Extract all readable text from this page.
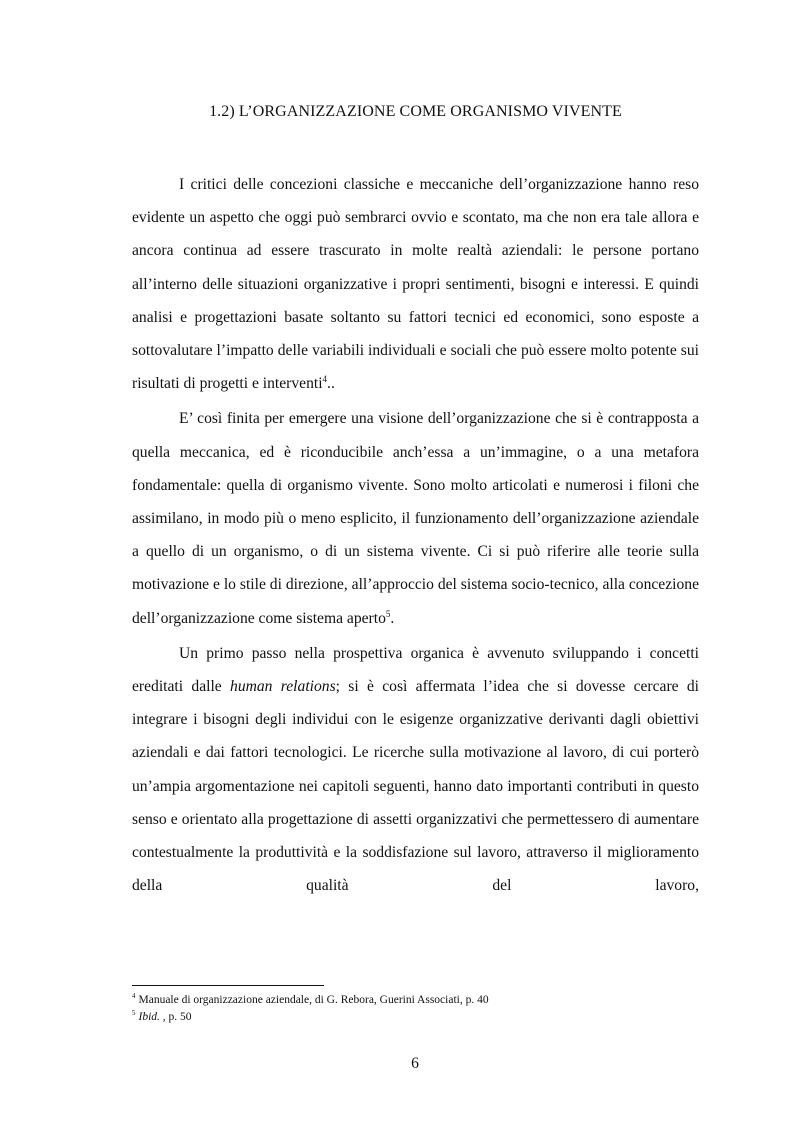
1.2) L’ORGANIZZAZIONE COME ORGANISMO VIVENTE

I critici delle concezioni classiche e meccaniche dell’organizzazione hanno reso evidente un aspetto che oggi può sembrarci ovvio e scontato, ma che non era tale allora e ancora continua ad essere trascurato in molte realtà aziendali: le persone portano all’interno delle situazioni organizzative i propri sentimenti, bisogni e interessi. E quindi analisi e progettazioni basate soltanto su fattori tecnici ed economici, sono esposte a sottovalutare l’impatto delle variabili individuali e sociali che può essere molto potente sui risultati di progetti e interventi$^4$..

E’ così finita per emergere una visione dell’organizzazione che si è contrapposta a quella meccanica, ed è riconducibile anch’essa a un’immagine, o a una metafora fondamentale: quella di organismo vivente. Sono molto articolati e numerosi i filoni che assimilano, in modo più o meno esplicito, il funzionamento dell’organizzazione aziendale a quello di un organismo, o di un sistema vivente. Ci si può riferire alle teorie sulla motivazione e lo stile di direzione, all’approccio del sistema socio-tecnico, alla concezione dell’organizzazione come sistema aperto$^5$.

Un primo passo nella prospettiva organica è avvenuto sviluppando i concetti ereditati dalle human relations; si è così affermata l’idea che si dovesse cercare di integrare i bisogni degli individui con le esigenze organizzative derivanti dagli obiettivi aziendali e dai fattori tecnologici. Le ricerche sulla motivazione al lavoro, di cui porterò un’ampia argomentazione nei capitoli seguenti, hanno dato importanti contributi in questo senso e orientato alla progettazione di assetti organizzativi che permettessero di aumentare contestualmente la produttività e la soddisfazione sul lavoro, attraverso il miglioramento della qualità del lavoro,

$^4$ Manuale di organizzazione aziendale, di G. Rebora, Guerini Associati, p. 40

$^5$ Ibid. , p. 50

6
